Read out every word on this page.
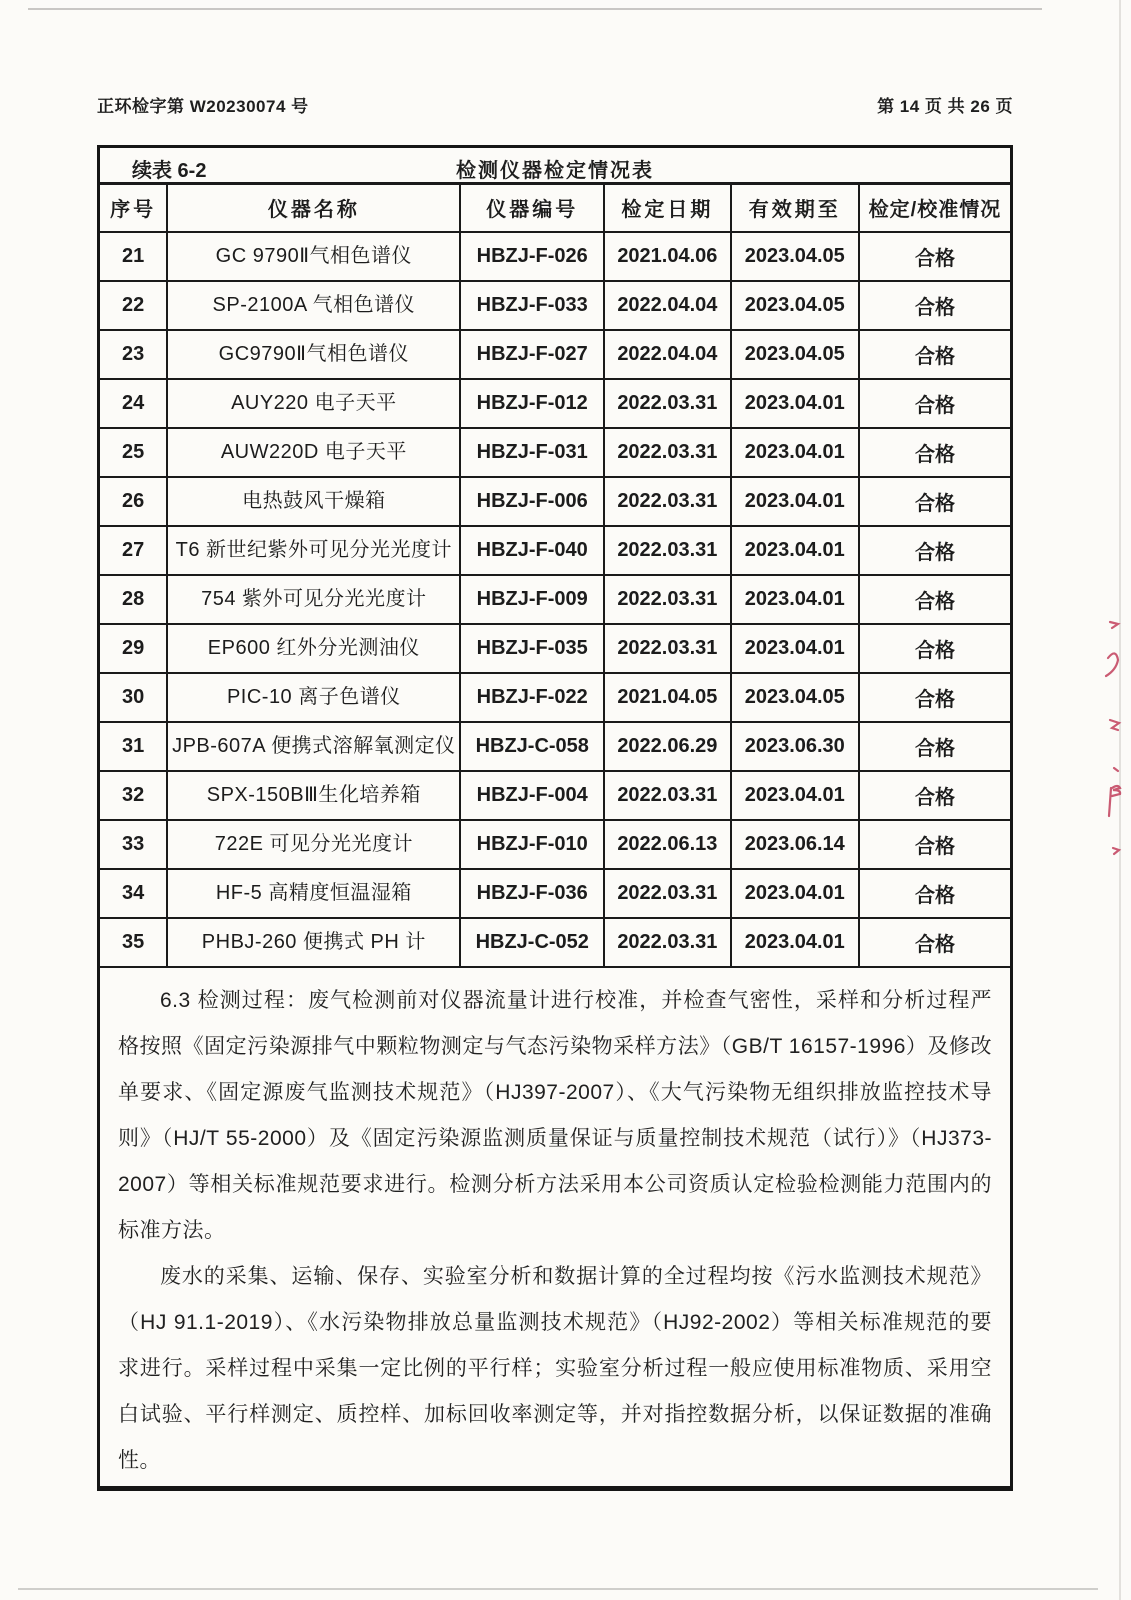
正环检字第 W20230074 号	第 14 页 共 26 页
续表 6-2	检测仪器检定情况表
序号	仪器名称	仪器编号	检定日期	有效期至	检定/校准情况
21	GC 9790Ⅱ气相色谱仪	HBZJ-F-026	2021.04.06	2023.04.05	合格
22	SP-2100A 气相色谱仪	HBZJ-F-033	2022.04.04	2023.04.05	合格
23	GC9790Ⅱ气相色谱仪	HBZJ-F-027	2022.04.04	2023.04.05	合格
24	AUY220 电子天平	HBZJ-F-012	2022.03.31	2023.04.01	合格
25	AUW220D 电子天平	HBZJ-F-031	2022.03.31	2023.04.01	合格
26	电热鼓风干燥箱	HBZJ-F-006	2022.03.31	2023.04.01	合格
27	T6 新世纪紫外可见分光光度计	HBZJ-F-040	2022.03.31	2023.04.01	合格
28	754 紫外可见分光光度计	HBZJ-F-009	2022.03.31	2023.04.01	合格
29	EP600 红外分光测油仪	HBZJ-F-035	2022.03.31	2023.04.01	合格
30	PIC-10 离子色谱仪	HBZJ-F-022	2021.04.05	2023.04.05	合格
31	JPB-607A 便携式溶解氧测定仪	HBZJ-C-058	2022.06.29	2023.06.30	合格
32	SPX-150BⅢ生化培养箱	HBZJ-F-004	2022.03.31	2023.04.01	合格
33	722E 可见分光光度计	HBZJ-F-010	2022.06.13	2023.06.14	合格
34	HF-5 高精度恒温湿箱	HBZJ-F-036	2022.03.31	2023.04.01	合格
35	PHBJ-260 便携式 PH 计	HBZJ-C-052	2022.03.31	2023.04.01	合格

6.3 检测过程：废气检测前对仪器流量计进行校准，并检查气密性，采样和分析过程严格按照《固定污染源排气中颗粒物测定与气态污染物采样方法》（GB/T 16157-1996）及修改单要求、《固定源废气监测技术规范》（HJ397-2007）、《大气污染物无组织排放监控技术导则》（HJ/T 55-2000）及《固定污染源监测质量保证与质量控制技术规范（试行）》（HJ373-2007）等相关标准规范要求进行。检测分析方法采用本公司资质认定检验检测能力范围内的标准方法。

废水的采集、运输、保存、实验室分析和数据计算的全过程均按《污水监测技术规范》（HJ 91.1-2019）、《水污染物排放总量监测技术规范》（HJ92-2002）等相关标准规范的要求进行。采样过程中采集一定比例的平行样；实验室分析过程一般应使用标准物质、采用空白试验、平行样测定、质控样、加标回收率测定等，并对指控数据分析，以保证数据的准确性。
